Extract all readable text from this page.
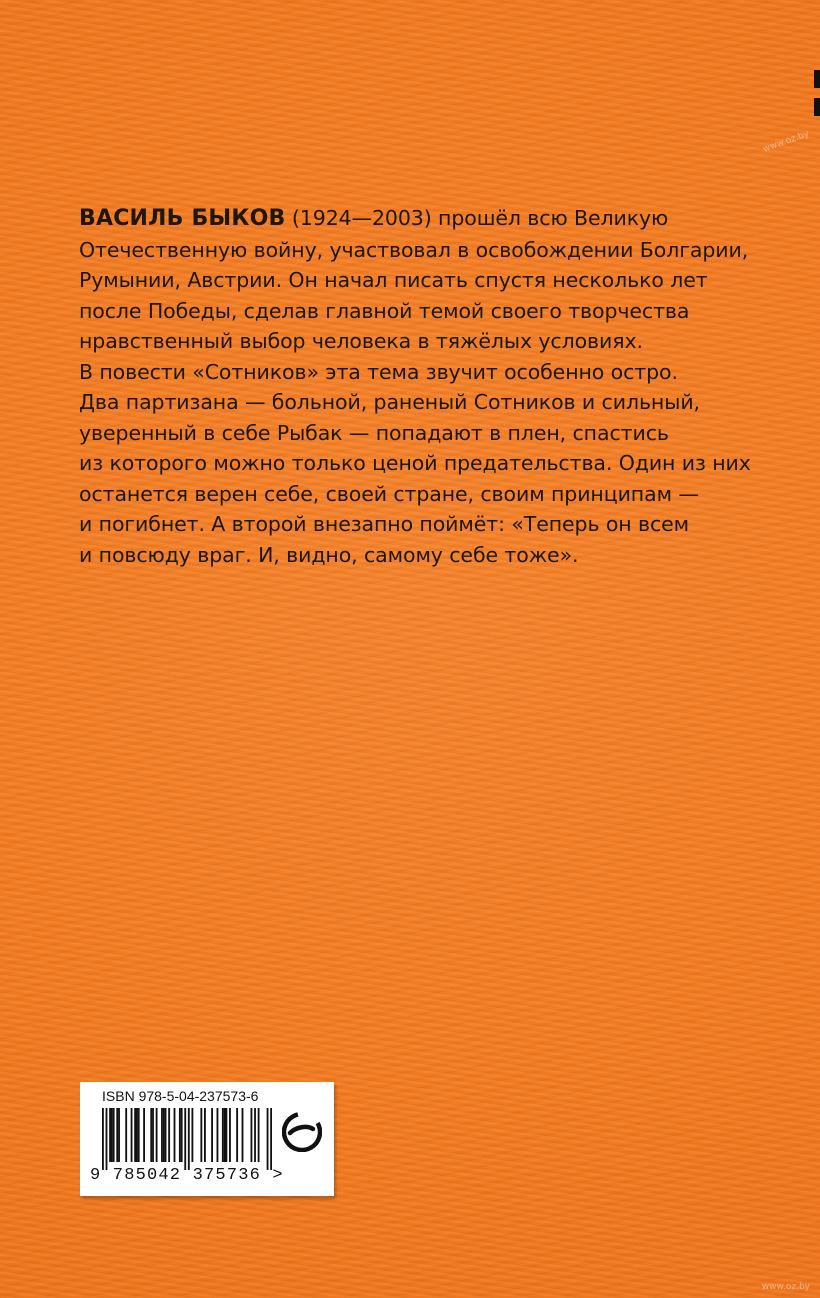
www.oz.by
ВАСИЛЬ БЫКОВ (1924—2003) прошёл всю Великую
Отечественную войну, участвовал в освобождении Болгарии,
Румынии, Австрии. Он начал писать спустя несколько лет
после Победы, сделав главной темой своего творчества
нравственный выбор человека в тяжёлых условиях.
В повести «Сотников» эта тема звучит особенно остро.
Два партизана — больной, раненый Сотников и сильный,
уверенный в себе Рыбак — попадают в плен, спастись
из которого можно только ценой предательства. Один из них
останется верен себе, своей стране, своим принципам —
и погибнет. А второй внезапно поймёт: «Теперь он всем
и повсюду враг. И, видно, самому себе тоже».
ISBN 978-5-04-237573-6
9 785042 375736 >
www.oz.by
